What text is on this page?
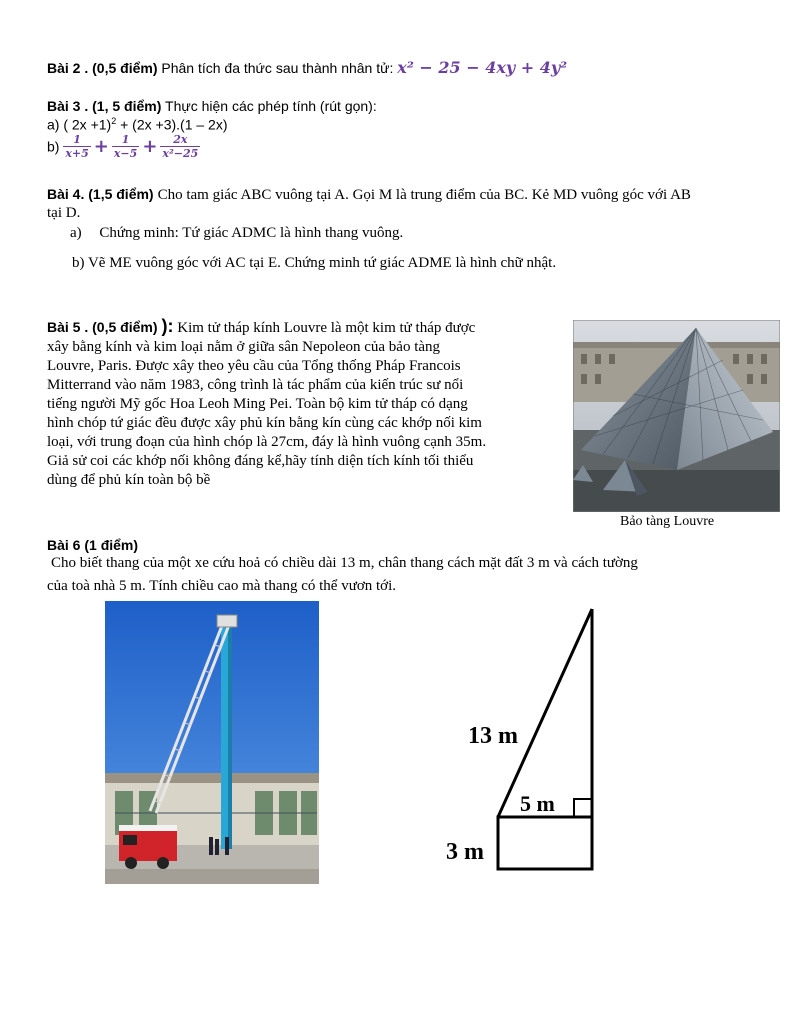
Bài 2 . (0,5 điểm) Phân tích đa thức sau thành nhân tử: x² − 25 − 4xy + 4y²
Bài 3 . (1, 5 điểm) Thực hiện các phép tính (rút gọn):
a) ( 2x +1)$^2$ + (2x +3).(1 – 2x)
$b) \frac{1}{x+5} + \frac{1}{x-5} + \frac{2x}{\text{x²−25}}$
Bài 4. (1,5 điểm) Cho tam giác ABC vuông tại A. Gọi M là trung điểm của BC. Kẻ MD vuông góc với AB
tại D.
a) Chứng minh: Tứ giác ADMC là hình thang vuông.
b) Vẽ ME vuông góc với AC tại E. Chứng minh tứ giác ADME là hình chữ nhật.
Bài 5 . (0,5 điểm) ): Kim tử tháp kính Louvre là một kim tử tháp được
xây bằng kính và kim loại nằm ở giữa sân Nepoleon của bảo tàng
Louvre, Paris. Được xây theo yêu cầu của Tổng thống Pháp Francois
Mitterrand vào năm 1983, công trình là tác phẩm của kiến trúc sư nổi
tiếng người Mỹ gốc Hoa Leoh Ming Pei. Toàn bộ kim tử tháp có dạng
hình chóp tứ giác đều được xây phủ kín bằng kín cùng các khớp nối kim
loại, với trung đoạn của hình chóp là 27cm, đáy là hình vuông cạnh 35m.
Giả sử coi các khớp nối không đáng kể,hãy tính diện tích kính tối thiểu
dùng để phủ kín toàn bộ bề
Bảo tàng Louvre
Bài 6 (1 điểm)
Cho biết thang của một xe cứu hoả có chiều dài 13 m, chân thang cách mặt đất 3 m và cách tường
của toà nhà 5 m. Tính chiều cao mà thang có thể vươn tới.
13 m
5 m
3 m
